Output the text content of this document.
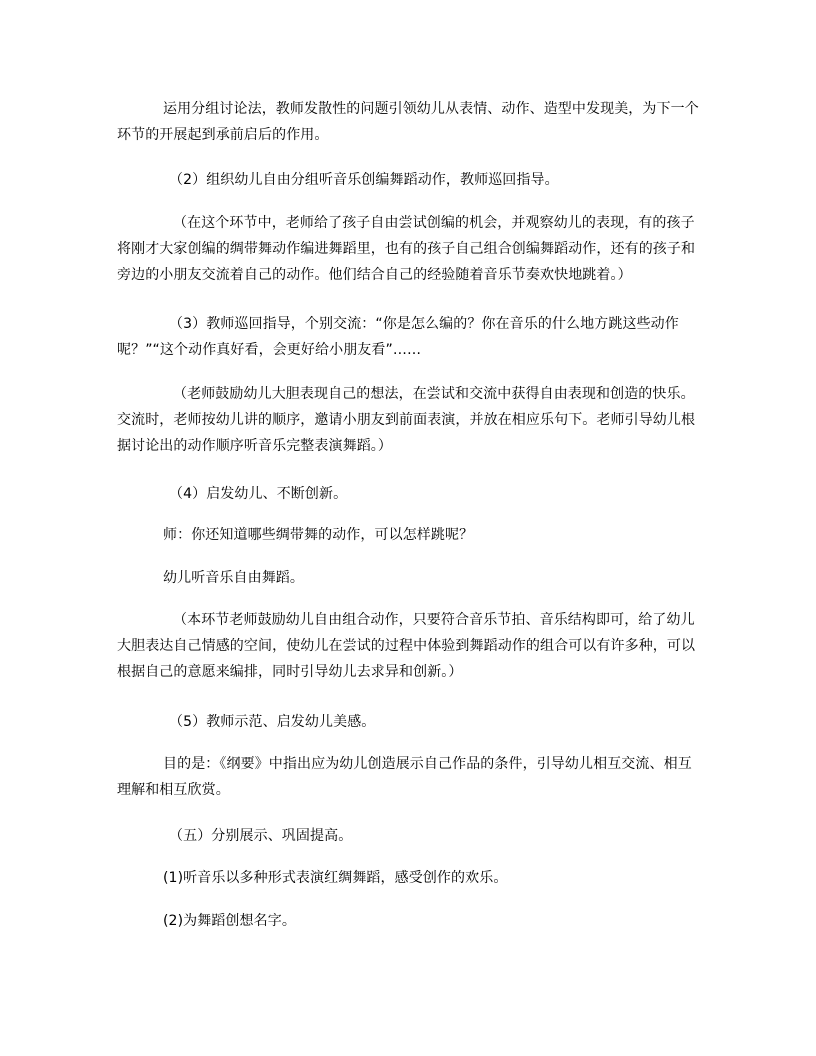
运用分组讨论法，教师发散性的问题引领幼儿从表情、动作、造型中发现美，为下一个环节的开展起到承前启后的作用。

（2）组织幼儿自由分组听音乐创编舞蹈动作，教师巡回指导。

（在这个环节中，老师给了孩子自由尝试创编的机会，并观察幼儿的表现，有的孩子将刚才大家创编的绸带舞动作编进舞蹈里，也有的孩子自己组合创编舞蹈动作，还有的孩子和旁边的小朋友交流着自己的动作。他们结合自己的经验随着音乐节奏欢快地跳着。）

（3）教师巡回指导，个别交流：“你是怎么编的？你在音乐的什么地方跳这些动作呢？”“这个动作真好看，会更好给小朋友看”……

（老师鼓励幼儿大胆表现自己的想法，在尝试和交流中获得自由表现和创造的快乐。交流时，老师按幼儿讲的顺序，邀请小朋友到前面表演，并放在相应乐句下。老师引导幼儿根据讨论出的动作顺序听音乐完整表演舞蹈。）

（4）启发幼儿、不断创新。

师：你还知道哪些绸带舞的动作，可以怎样跳呢？

幼儿听音乐自由舞蹈。

（本环节老师鼓励幼儿自由组合动作，只要符合音乐节拍、音乐结构即可，给了幼儿大胆表达自己情感的空间，使幼儿在尝试的过程中体验到舞蹈动作的组合可以有许多种，可以根据自己的意愿来编排，同时引导幼儿去求异和创新。）

（5）教师示范、启发幼儿美感。

目的是：《纲要》中指出应为幼儿创造展示自己作品的条件，引导幼儿相互交流、相互理解和相互欣赏。

（五）分别展示、巩固提高。

(1)听音乐以多种形式表演红绸舞蹈，感受创作的欢乐。

(2)为舞蹈创想名字。
